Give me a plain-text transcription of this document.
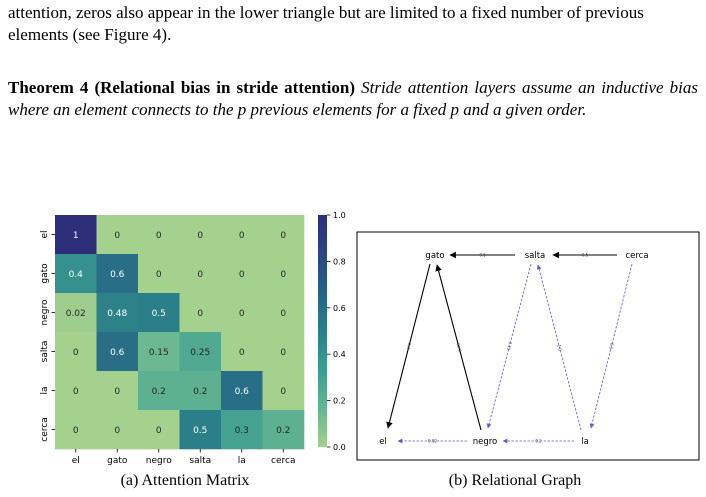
attention, zeros also appear in the lower triangle but are limited to a fixed number of previous elements (see Figure 4).
Theorem 4 (Relational bias in stride attention) Stride attention layers assume an inductive bias where an element connects to the p previous elements for a fixed p and a given order.
1	0	0	0	0	0
0.4	0.6	0	0	0	0
0.02 0.48	0.5	0	0	0
0	0.6	0.15 0.25	0	0
0	0	0.2	0.2	0.6	0
0	0	0	0.5	0.3	0.2
el	gato negro salta	la	cerca
el
gato
negro
salta
la
cerca
0.0
0.2
0.4
0.6
0.8
1.0
0.6	0.5
0.02	0.2
0.4	0.48	0.15	0.2	0.3
gato	salta	cerca
el	negro	la
(a) Attention Matrix	(b) Relational Graph
